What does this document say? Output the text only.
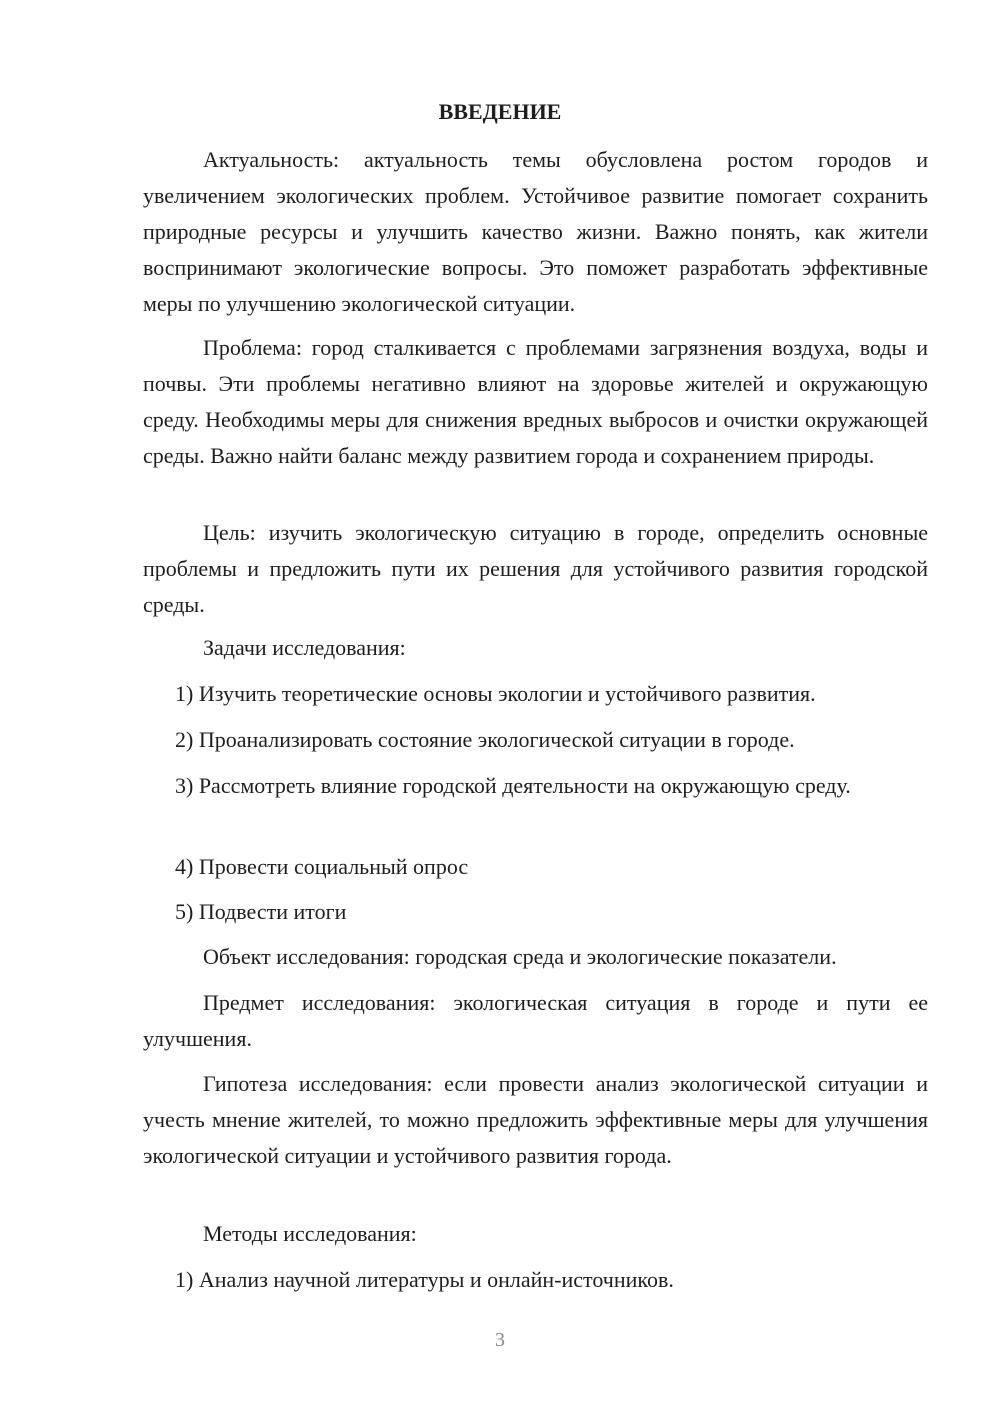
ВВЕДЕНИЕ

Актуальность: актуальность темы обусловлена ростом городов и увеличением экологических проблем. Устойчивое развитие помогает сохранить природные ресурсы и улучшить качество жизни. Важно понять, как жители воспринимают экологические вопросы. Это поможет разработать эффективные меры по улучшению экологической ситуации.

Проблема: город сталкивается с проблемами загрязнения воздуха, воды и почвы. Эти проблемы негативно влияют на здоровье жителей и окружающую среду. Необходимы меры для снижения вредных выбросов и очистки окружающей среды. Важно найти баланс между развитием города и сохранением природы.

Цель: изучить экологическую ситуацию в городе, определить основные проблемы и предложить пути их решения для устойчивого развития городской среды.

Задачи исследования:

1) Изучить теоретические основы экологии и устойчивого развития.

2) Проанализировать состояние экологической ситуации в городе.

3) Рассмотреть влияние городской деятельности на окружающую среду.

4) Провести социальный опрос

5) Подвести итоги

Объект исследования: городская среда и экологические показатели.

Предмет исследования: экологическая ситуация в городе и пути ее улучшения.

Гипотеза исследования: если провести анализ экологической ситуации и учесть мнение жителей, то можно предложить эффективные меры для улучшения экологической ситуации и устойчивого развития города.

Методы исследования:

1) Анализ научной литературы и онлайн-источников.

3
